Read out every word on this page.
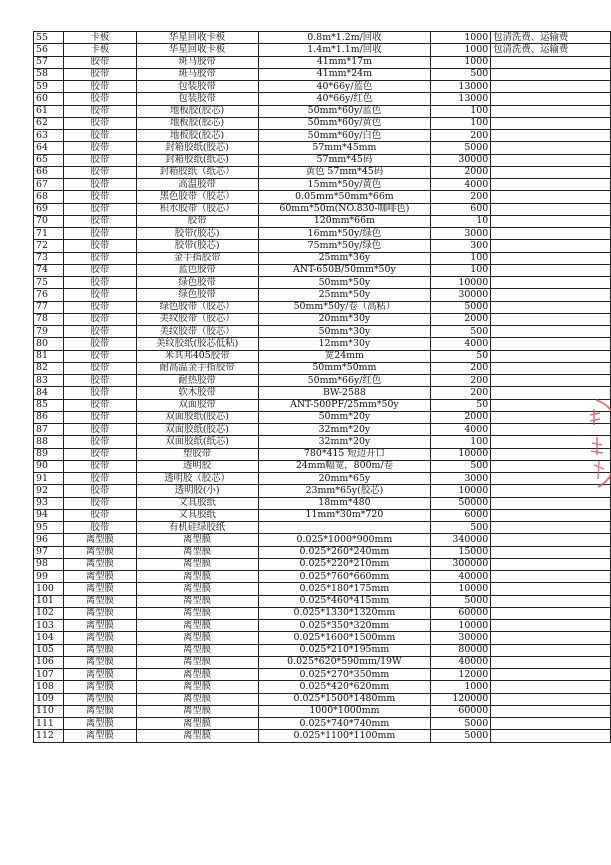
55	卡板	华星回收卡板	0.8m*1.2m/回收	1000	包清洗费、运输费
56	卡板	华星回收卡板	1.4m*1.1m/回收	1000	包清洗费、运输费
57	胶带	斑马胶带	41mm*17m	1000	
58	胶带	斑马胶带	41mm*24m	500	
59	胶带	包装胶带	40*66y/蓝色	13000	
60	胶带	包装胶带	40*66y/红色	13000	
61	胶带	地板胶(胶芯)	50mm*60y/蓝色	100	
62	胶带	地板胶(胶芯)	50mm*60y/黄色	100	
63	胶带	地板胶(胶芯)	50mm*60y/白色	200	
64	胶带	封箱胶纸(胶芯)	57mm*45mm	5000	
65	胶带	封箱胶纸(纸芯)	57mm*45码	30000	
66	胶带	封箱胶纸（纸芯）	黄色 57mm*45码	2000	
67	胶带	高温胶带	15mm*50y/黄色	4000	
68	胶带	黑色胶带（胶芯）	0.05mm*50mm*66m	200	
69	胶带	积水胶带（胶芯）	60mm*50m(NO.830-咖啡色)	600	
70	胶带	胶带	120mm*66m	10	
71	胶带	胶带(胶芯)	16mm*50y/绿色	3000	
72	胶带	胶带(胶芯)	75mm*50y/绿色	300	
73	胶带	金手指胶带	25mm*36y	100	
74	胶带	蓝色胶带	ANT-650B/50mm*50y	100	
75	胶带	绿色胶带	50mm*50y	10000	
76	胶带	绿色胶带	25mm*50y	30000	
77	胶带	绿色胶带（胶芯）	50mm*50y/卷（高粘）	5000	
78	胶带	美纹胶带（胶芯）	20mm*30y	2000	
79	胶带	美纹胶带（胶芯）	50mm*30y	500	
80	胶带	美纹胶纸(胶芯低粘)	12mm*30y	4000	
81	胶带	米其邦405胶带	宽24mm	50	
82	胶带	耐高温金手指胶带	50mm*50mm	200	
83	胶带	耐热胶带	50mm*66y/红色	200	
84	胶带	软木胶带	BW-2588	200	
85	胶带	双面胶带	ANT-500PF/25mm*50y	50	
86	胶带	双面胶纸(胶芯)	50mm*20y	2000	
87	胶带	双面胶纸(胶芯)	32mm*20y	4000	
88	胶带	双面胶纸(纸芯)	32mm*20y	100	
89	胶带	塑胶带	780*415 短边开口	10000	
90	胶带	透明胶	24mm幅宽，800m/卷	500	
91	胶带	透明胶（胶芯）	20mm*65y	3000	
92	胶带	透明胶(小)	23mm*65y(胶芯)	10000	
93	胶带	文具胶纸	18mm*480	50000	
94	胶带	文具胶纸	11mm*30m*720	6000	
95	胶带	有机硅绿胶纸		500	
96	离型膜	离型膜	0.025*1000*900mm	340000	
97	离型膜	离型膜	0.025*260*240mm	15000	
98	离型膜	离型膜	0.025*220*210mm	300000	
99	离型膜	离型膜	0.025*760*660mm	40000	
100	离型膜	离型膜	0.025*180*175mm	10000	
101	离型膜	离型膜	0.025*460*415mm	5000	
102	离型膜	离型膜	0.025*1330*1320mm	60000	
103	离型膜	离型膜	0.025*350*320mm	10000	
104	离型膜	离型膜	0.025*1600*1500mm	30000	
105	离型膜	离型膜	0.025*210*195mm	80000	
106	离型膜	离型膜	0.025*620*590mm/19W	40000	
107	离型膜	离型膜	0.025*270*350mm	12000	
108	离型膜	离型膜	0.025*420*620mm	1000	
109	离型膜	离型膜	0.025*1500*1480mm	120000	
110	离型膜	离型膜	1000*1000mm	60000	
111	离型膜	离型膜	0.025*740*740mm	5000	
112	离型膜	离型膜	0.025*1100*1100mm	5000	
